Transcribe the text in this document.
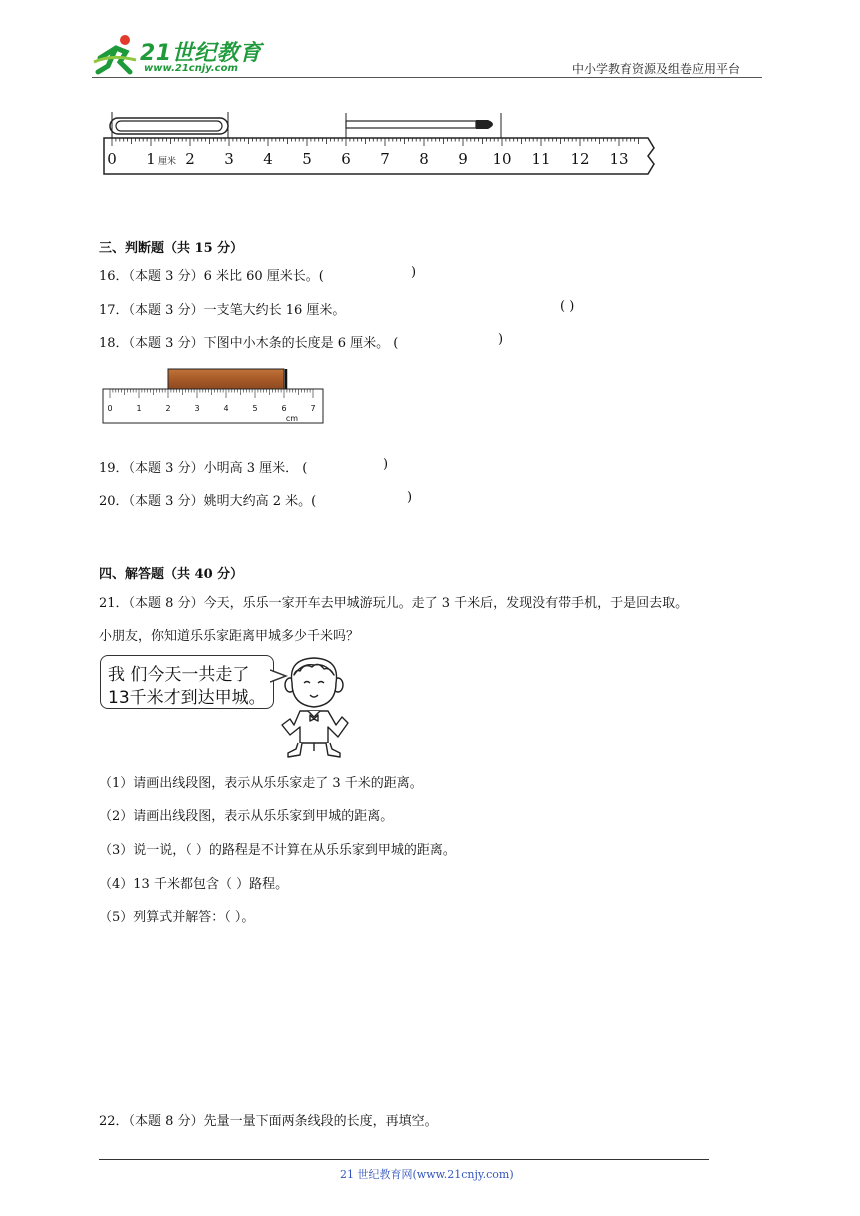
21世纪教育
www.21cnjy.com	中小学教育资源及组卷应用平台
0 1 2 3 4 5 6 7 8 9 10 11 12 13
厘米
三、判断题（共 15 分）
16．（本题 3 分）6 米比 60 厘米长。(	)
17．（本题 3 分）一支笔大约长 16 厘米。	( )
18．（本题 3 分）下图中小木条的长度是 6 厘米。 (	)
0	1	2	3	4	5	6	7
cm
19．（本题 3 分）小明高 3 厘米． (	)
20．（本题 3 分）姚明大约高 2 米。(	)
四、解答题（共 40 分）
21．（本题 8 分）今天，乐乐一家开车去甲城游玩儿。走了 3 千米后，发现没有带手机，于是回去取。
小朋友，你知道乐乐家距离甲城多少千米吗？
我 们今天一共走了
13千米才到达甲城。
（1）请画出线段图，表示从乐乐家走了 3 千米的距离。
（2）请画出线段图，表示从乐乐家到甲城的距离。
（3）说一说，（ ）的路程是不计算在从乐乐家到甲城的距离。
（4）13 千米都包含（ ）路程。
（5）列算式并解答：（ ）。
22．（本题 8 分）先量一量下面两条线段的长度，再填空。
21 世纪教育网(www.21cnjy.com)
